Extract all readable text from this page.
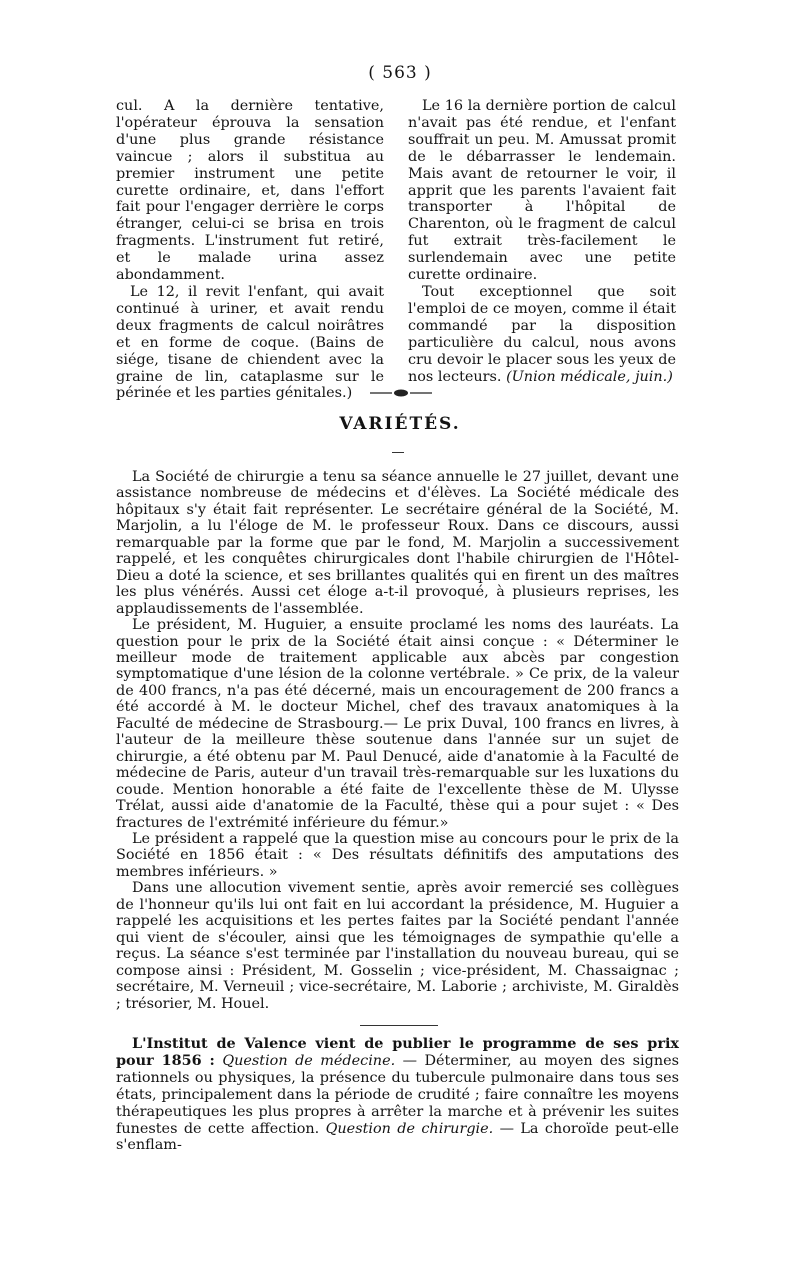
( 563 )

cul. A la dernière tentative, l'opérateur éprouva la sensation d'une plus grande résistance vaincue ; alors il substitua au premier instrument une petite curette ordinaire, et, dans l'effort fait pour l'engager derrière le corps étranger, celui-ci se brisa en trois fragments. L'instrument fut retiré, et le malade urina assez abondamment.

Le 12, il revit l'enfant, qui avait continué à uriner, et avait rendu deux fragments de calcul noirâtres et en forme de coque. (Bains de siége, tisane de chiendent avec la graine de lin, cataplasme sur le périnée et les parties génitales.)

Le 16 la dernière portion de calcul n'avait pas été rendue, et l'enfant souffrait un peu. M. Amussat promit de le débarrasser le lendemain. Mais avant de retourner le voir, il apprit que les parents l'avaient fait transporter à l'hôpital de Charenton, où le fragment de calcul fut extrait très-facilement le surlendemain avec une petite curette ordinaire.

Tout exceptionnel que soit l'emploi de ce moyen, comme il était commandé par la disposition particulière du calcul, nous avons cru devoir le placer sous les yeux de nos lecteurs. (Union médicale, juin.)

VARIÉTÉS.

La Société de chirurgie a tenu sa séance annuelle le 27 juillet, devant une assistance nombreuse de médecins et d'élèves. La Société médicale des hôpitaux s'y était fait représenter. Le secrétaire général de la Société, M. Marjolin, a lu l'éloge de M. le professeur Roux. Dans ce discours, aussi remarquable par la forme que par le fond, M. Marjolin a successivement rappelé, et les conquêtes chirurgicales dont l'habile chirurgien de l'Hôtel-Dieu a doté la science, et ses brillantes qualités qui en firent un des maîtres les plus vénérés. Aussi cet éloge a-t-il provoqué, à plusieurs reprises, les applaudissements de l'assemblée.

Le président, M. Huguier, a ensuite proclamé les noms des lauréats. La question pour le prix de la Société était ainsi conçue : « Déterminer le meilleur mode de traitement applicable aux abcès par congestion symptomatique d'une lésion de la colonne vertébrale. » Ce prix, de la valeur de 400 francs, n'a pas été décerné, mais un encouragement de 200 francs a été accordé à M. le docteur Michel, chef des travaux anatomiques à la Faculté de médecine de Strasbourg.— Le prix Duval, 100 francs en livres, à l'auteur de la meilleure thèse soutenue dans l'année sur un sujet de chirurgie, a été obtenu par M. Paul Denucé, aide d'anatomie à la Faculté de médecine de Paris, auteur d'un travail très-remarquable sur les luxations du coude. Mention honorable a été faite de l'excellente thèse de M. Ulysse Trélat, aussi aide d'anatomie de la Faculté, thèse qui a pour sujet : « Des fractures de l'extrémité inférieure du fémur.»

Le président a rappelé que la question mise au concours pour le prix de la Société en 1856 était : « Des résultats définitifs des amputations des membres inférieurs. »

Dans une allocution vivement sentie, après avoir remercié ses collègues de l'honneur qu'ils lui ont fait en lui accordant la présidence, M. Huguier a rappelé les acquisitions et les pertes faites par la Société pendant l'année qui vient de s'écouler, ainsi que les témoignages de sympathie qu'elle a reçus. La séance s'est terminée par l'installation du nouveau bureau, qui se compose ainsi : Président, M. Gosselin ; vice-président, M. Chassaignac ; secrétaire, M. Verneuil ; vice-secrétaire, M. Laborie ; archiviste, M. Giraldès ; trésorier, M. Houel.

L'Institut de Valence vient de publier le programme de ses prix pour 1856 : Question de médecine. — Déterminer, au moyen des signes rationnels ou physiques, la présence du tubercule pulmonaire dans tous ses états, principalement dans la période de crudité ; faire connaître les moyens thérapeutiques les plus propres à arrêter la marche et à prévenir les suites funestes de cette affection. Question de chirurgie. — La choroïde peut-elle s'enflam-
